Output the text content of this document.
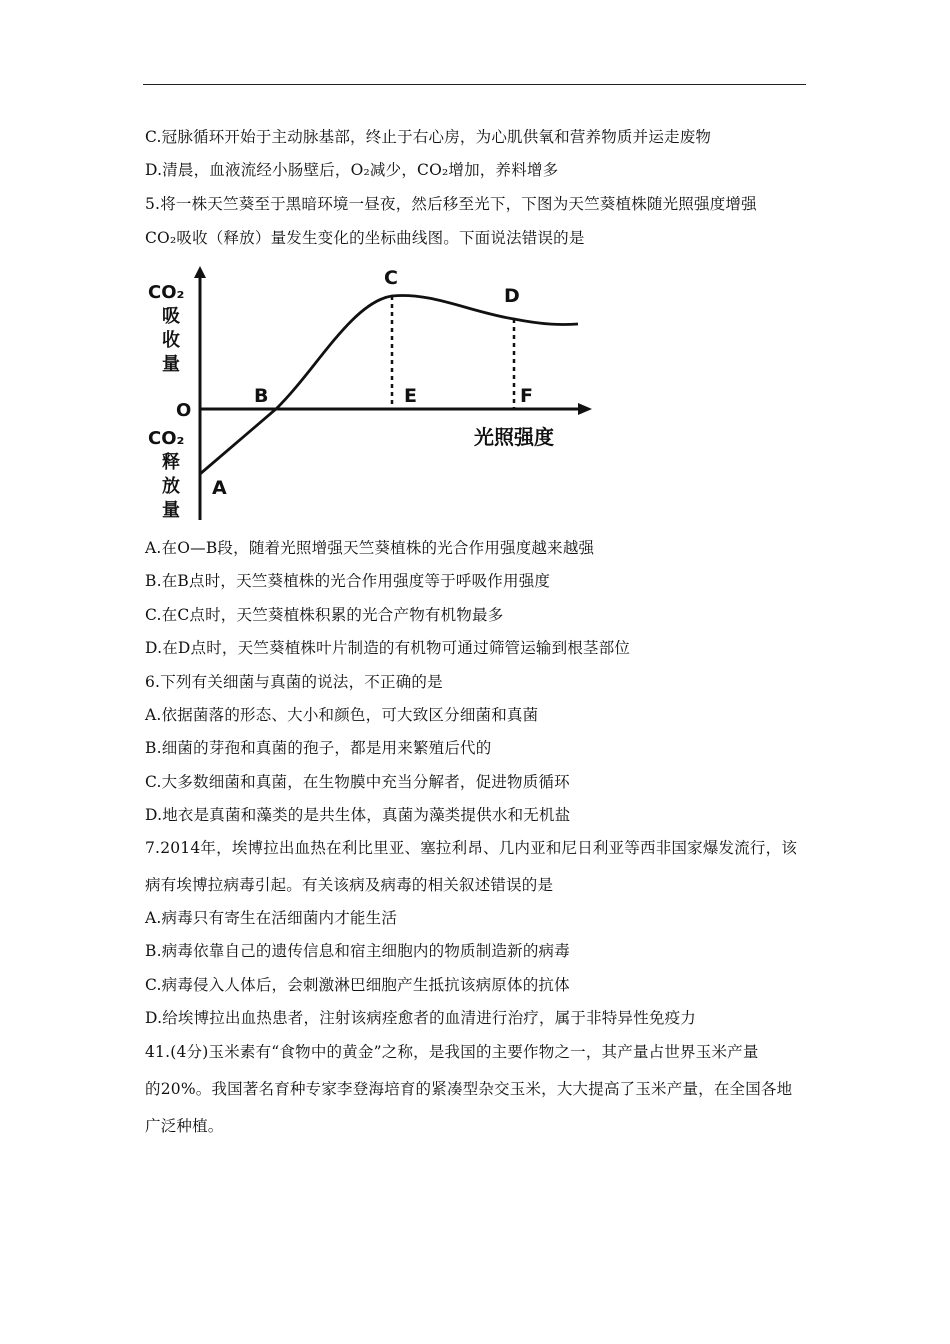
C.冠脉循环开始于主动脉基部，终止于右心房，为心肌供氧和营养物质并运走废物
D.清晨，血液流经小肠壁后，O₂减少，CO₂增加，养料增多
5.将一株天竺葵至于黑暗环境一昼夜，然后移至光下，下图为天竺葵植株随光照强度增强
CO₂吸收（释放）量发生变化的坐标曲线图。下面说法错误的是
CO₂
吸
收
量
O
CO₂
释
放
量
A
B
C
D
E	F
光照强度
A.在O—B段，随着光照增强天竺葵植株的光合作用强度越来越强
B.在B点时，天竺葵植株的光合作用强度等于呼吸作用强度
C.在C点时，天竺葵植株积累的光合产物有机物最多
D.在D点时，天竺葵植株叶片制造的有机物可通过筛管运输到根茎部位
6.下列有关细菌与真菌的说法，不正确的是
A.依据菌落的形态、大小和颜色，可大致区分细菌和真菌
B.细菌的芽孢和真菌的孢子，都是用来繁殖后代的
C.大多数细菌和真菌，在生物膜中充当分解者，促进物质循环
D.地衣是真菌和藻类的是共生体，真菌为藻类提供水和无机盐
7.2014年，埃博拉出血热在利比里亚、塞拉利昂、几内亚和尼日利亚等西非国家爆发流行，该
病有埃博拉病毒引起。有关该病及病毒的相关叙述错误的是
A.病毒只有寄生在活细菌内才能生活
B.病毒依靠自己的遗传信息和宿主细胞内的物质制造新的病毒
C.病毒侵入人体后，会刺激淋巴细胞产生抵抗该病原体的抗体
D.给埃博拉出血热患者，注射该病痊愈者的血清进行治疗，属于非特异性免疫力
41.(4分)玉米素有“食物中的黄金”之称，是我国的主要作物之一，其产量占世界玉米产量
的20%。我国著名育种专家李登海培育的紧凑型杂交玉米，大大提高了玉米产量，在全国各地
广泛种植。
